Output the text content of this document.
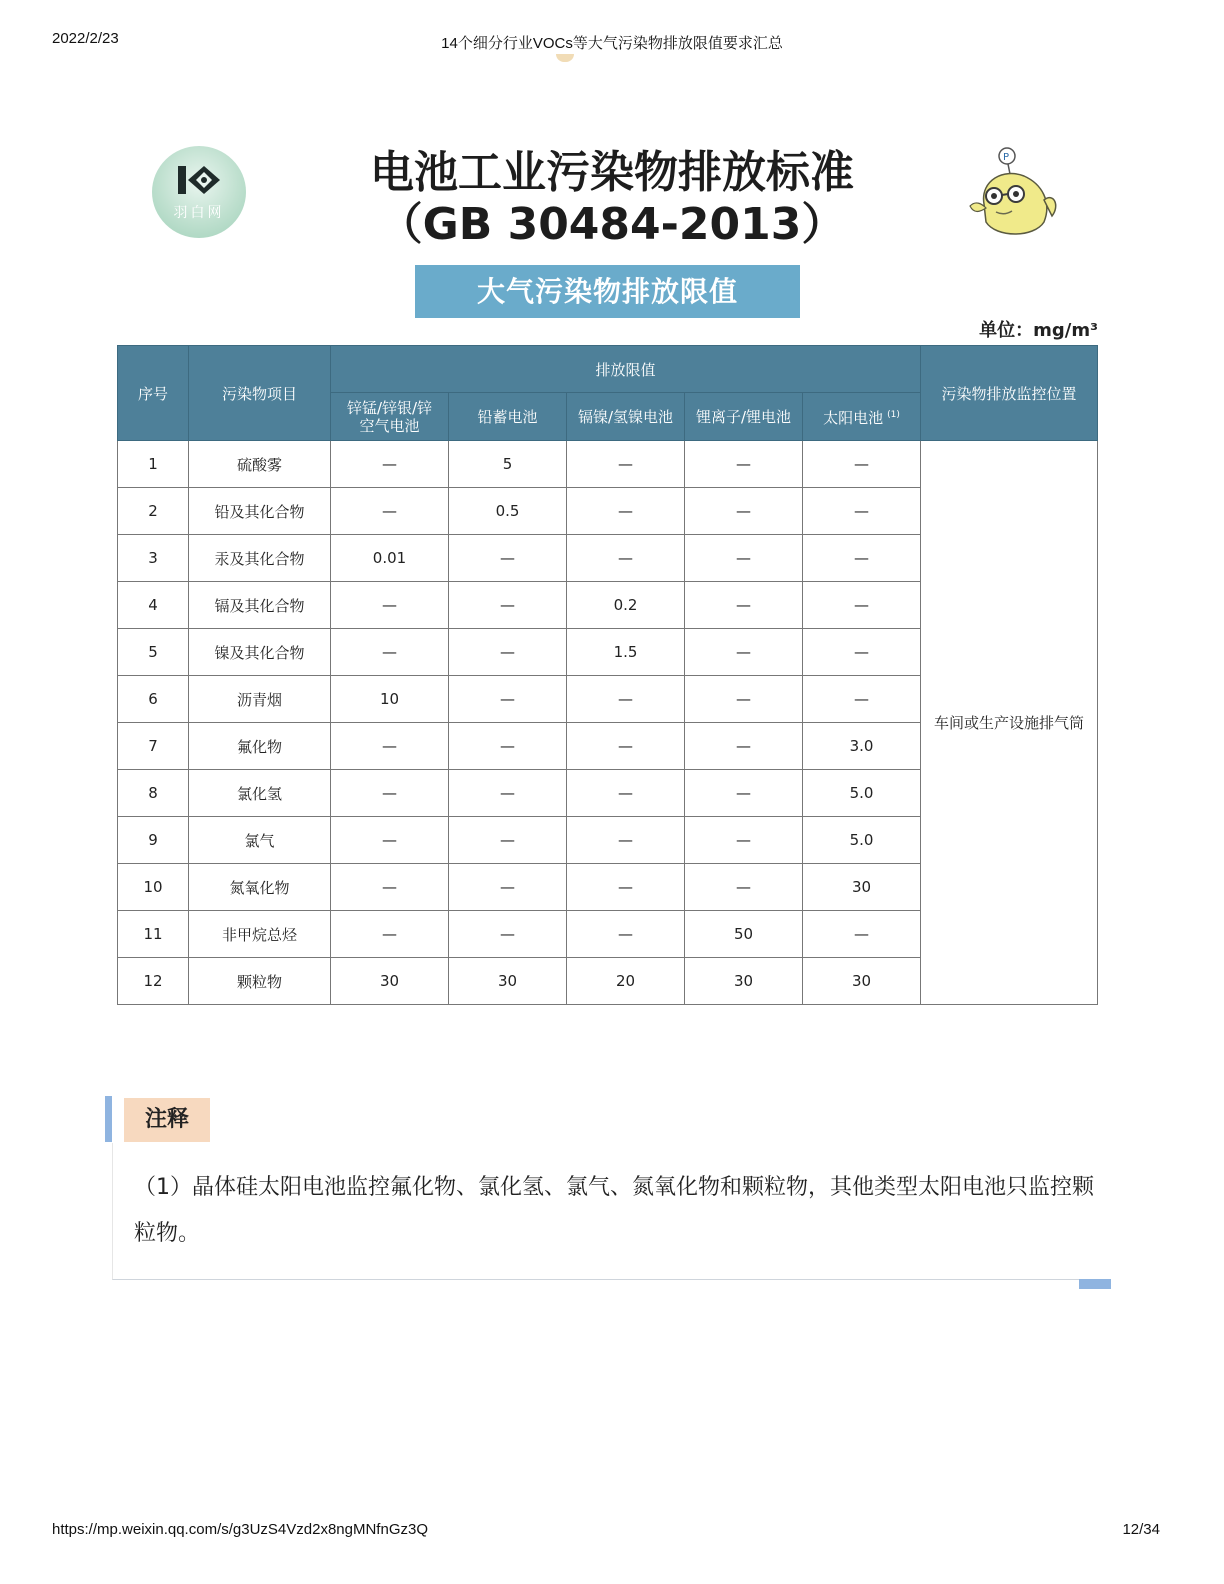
2022/2/23	14个细分行业VOCs等大气污染物排放限值要求汇总
羽白网
P
电池工业污染物排放标准
（GB 30484-2013）
大气污染物排放限值
单位：mg/m³
序号	污染物项目	排放限值					污染物排放监控位置
		锌锰/锌银/锌空气电池	铅蓄电池	镉镍/氢镍电池	锂离子/锂电池	太阳电池 $^{(1)}$
1	硫酸雾	—	5	—	—	—	车间或生产设施排气筒
2	铅及其化合物	—	0.5	—	—	—	
3	汞及其化合物	0.01	—	—	—	—	
4	镉及其化合物	—	—	0.2	—	—	
5	镍及其化合物	—	—	1.5	—	—	
6	沥青烟	10	—	—	—	—	
7	氟化物	—	—	—	—	3.0	
8	氯化氢	—	—	—	—	5.0	
9	氯气	—	—	—	—	5.0	
10	氮氧化物	—	—	—	—	30	
11	非甲烷总烃	—	—	—	50	—	
12	颗粒物	30	30	20	30	30	
注释
（1）晶体硅太阳电池监控氟化物、氯化氢、氯气、氮氧化物和颗粒物，其他类型太阳电池只监控颗粒物。
https://mp.weixin.qq.com/s/g3UzS4Vzd2x8ngMNfnGz3Q	12/34
